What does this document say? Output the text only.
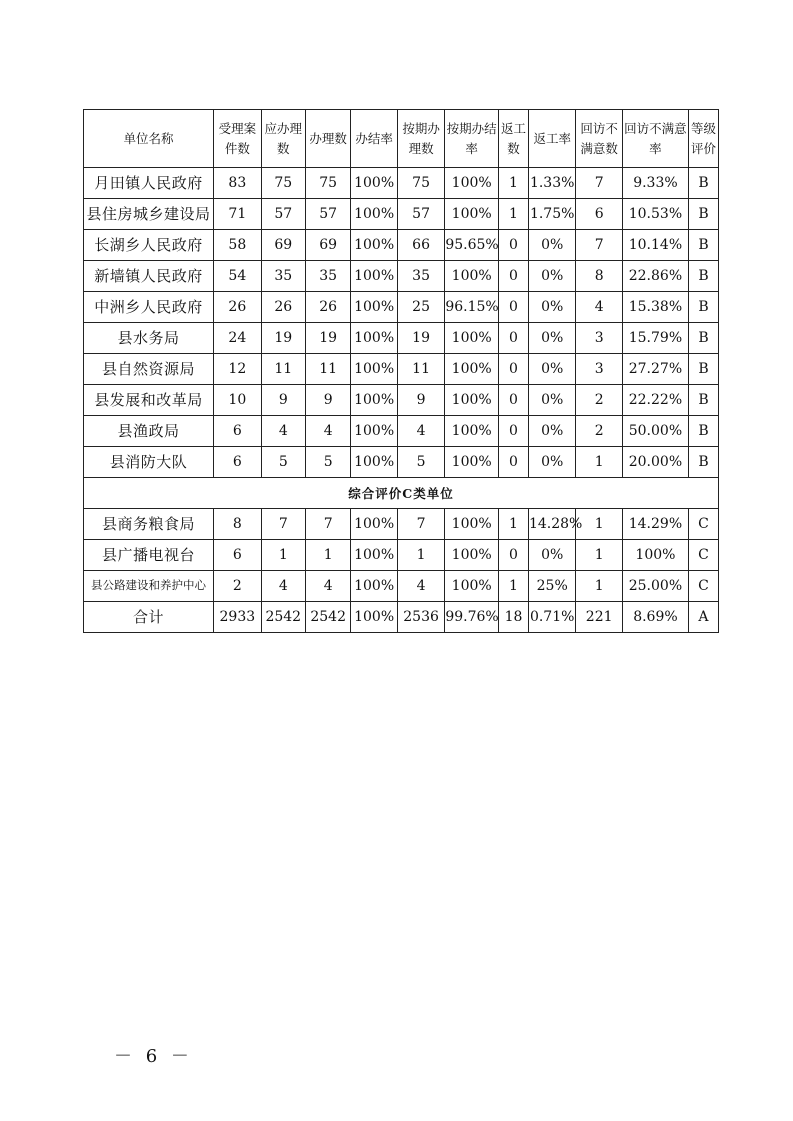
单位名称	受理案件数	应办理数	办理数	办结率	按期办理数	按期办结率	返工数	返工率	回访不满意数	回访不满意率	等级评价
月田镇人民政府	83	75	75	100%	75	100%	1	1.33%	7	9.33%	B
县住房城乡建设局	71	57	57	100%	57	100%	1	1.75%	6	10.53%	B
长湖乡人民政府	58	69	69	100%	66	95.65%	0	0%	7	10.14%	B
新墙镇人民政府	54	35	35	100%	35	100%	0	0%	8	22.86%	B
中洲乡人民政府	26	26	26	100%	25	96.15%	0	0%	4	15.38%	B
县水务局	24	19	19	100%	19	100%	0	0%	3	15.79%	B
县自然资源局	12	11	11	100%	11	100%	0	0%	3	27.27%	B
县发展和改革局	10	9	9	100%	9	100%	0	0%	2	22.22%	B
县渔政局	6	4	4	100%	4	100%	0	0%	2	50.00%	B
县消防大队	6	5	5	100%	5	100%	0	0%	1	20.00%	B
综合评价C类单位											
县商务粮食局	8	7	7	100%	7	100%	1	14.28%	1	14.29%	C
县广播电视台	6	1	1	100%	1	100%	0	0%	1	100%	C
县公路建设和养护中心	2	4	4	100%	4	100%	1	25%	1	25.00%	C
合计	2933	2542	2542	100%	2536	99.76%	18	0.71%	221	8.69%	A
－ 6 －
